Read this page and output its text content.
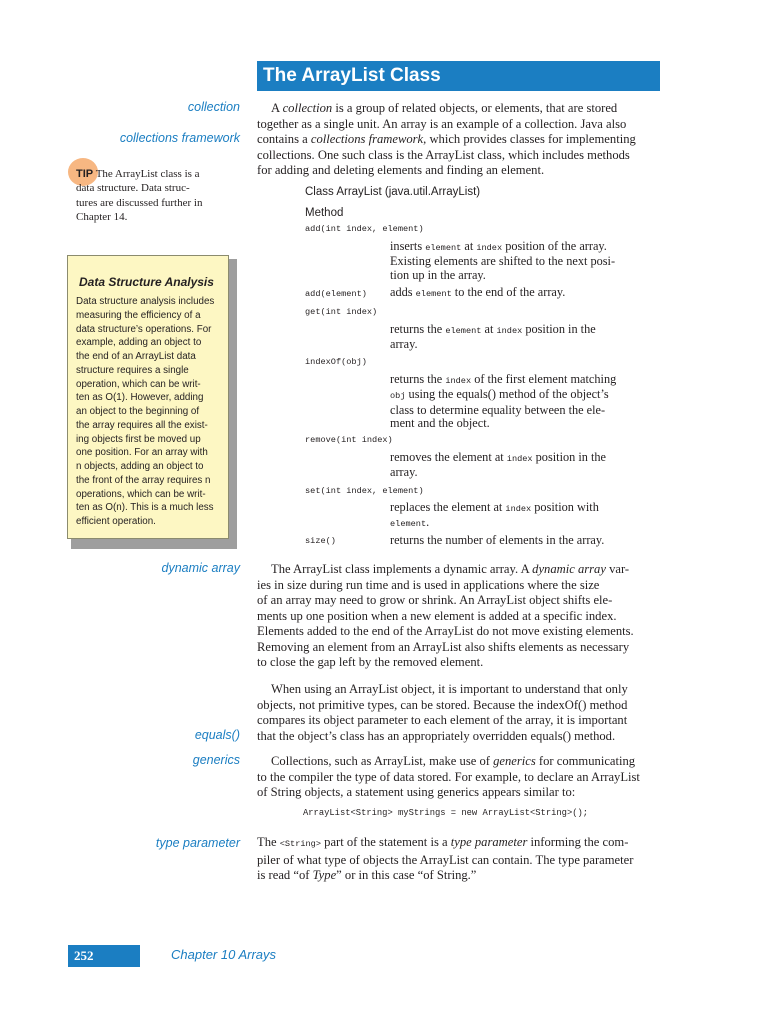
The ArrayList Class
collection
collections framework
dynamic array
equals()
generics
type parameter
A collection is a group of related objects, or elements, that are stored
together as a single unit. An array is an example of a collection. Java also
contains a collections framework, which provides classes for implementing
collections. One such class is the ArrayList class, which includes methods
for adding and deleting elements and finding an element.
TIP The ArrayList class is a
data structure. Data struc-
tures are discussed further in
Chapter 14.
Data Structure Analysis
Data structure analysis includes
measuring the efficiency of a
data structure’s operations. For
example, adding an object to
the end of an ArrayList data
structure requires a single
operation, which can be writ-
ten as O(1). However, adding
an object to the beginning of
the array requires all the exist-
ing objects first be moved up
one position. For an array with
n objects, adding an object to
the front of the array requires n
operations, which can be writ-
ten as O(n). This is a much less
efficient operation.
Class ArrayList (java.util.ArrayList)
Method
add(int index, element)
inserts element at index position of the array.
Existing elements are shifted to the next posi-
tion up in the array.
add(element) adds element to the end of the array.
get(int index)
returns the element at index position in the
array.
indexOf(obj)
returns the index of the first element matching
obj using the equals() method of the object’s
class to determine equality between the ele-
ment and the object.
remove(int index)
removes the element at index position in the
array.
set(int index, element)
replaces the element at index position with
element.
size()	returns the number of elements in the array.
The ArrayList class implements a dynamic array. A dynamic array var-
ies in size during run time and is used in applications where the size
of an array may need to grow or shrink. An ArrayList object shifts ele-
ments up one position when a new element is added at a specific index.
Elements added to the end of the ArrayList do not move existing elements.
Removing an element from an ArrayList also shifts elements as necessary
to close the gap left by the removed element.
When using an ArrayList object, it is important to understand that only
objects, not primitive types, can be stored. Because the indexOf() method
compares its object parameter to each element of the array, it is important
that the object’s class has an appropriately overridden equals() method.
Collections, such as ArrayList, make use of generics for communicating
to the compiler the type of data stored. For example, to declare an ArrayList
of String objects, a statement using generics appears similar to:
ArrayList<String> myStrings = new ArrayList<String>();
The <String> part of the statement is a type parameter informing the com-
piler of what type of objects the ArrayList can contain. The type parameter
is read “of Type” or in this case “of String.”
252	Chapter 10 Arrays
